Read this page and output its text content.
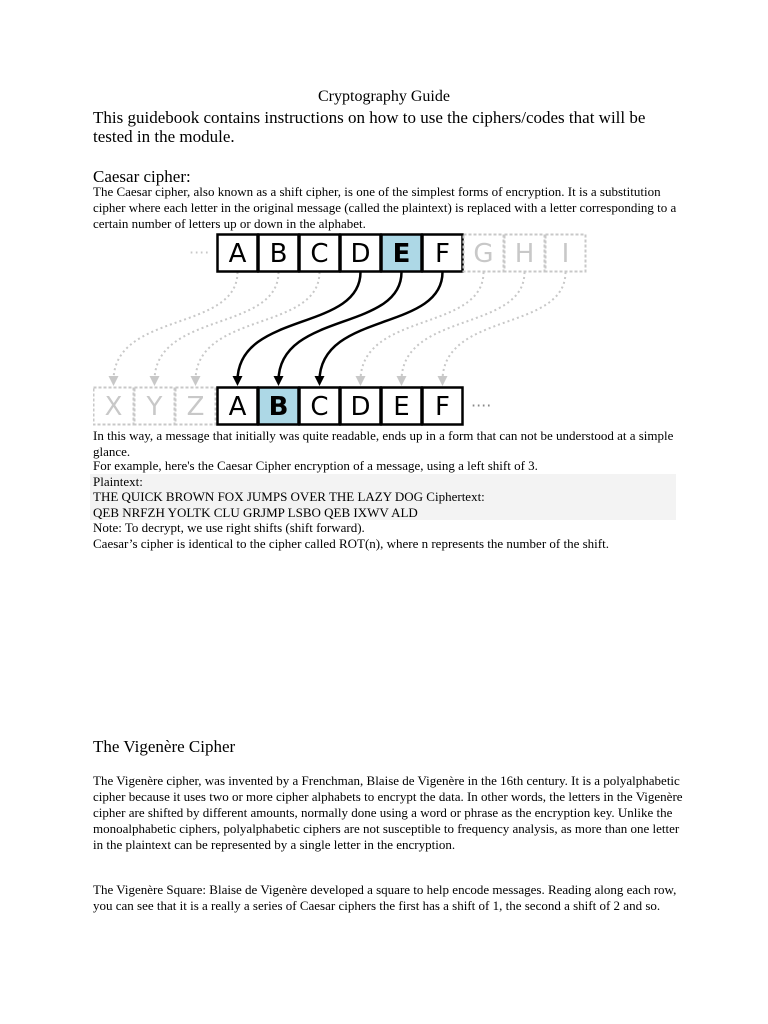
Cryptography Guide
This guidebook contains instructions on how to use the ciphers/codes that will be tested in the module.
Caesar cipher:
The Caesar cipher, also known as a shift cipher, is one of the simplest forms of encryption. It is a substitution cipher where each letter in the original message (called the plaintext) is replaced with a letter corresponding to a certain number of letters up or down in the alphabet.
···· A B C D E F G H I
X Y Z A B C D E F ····
In this way, a message that initially was quite readable, ends up in a form that can not be understood at a simple glance.
For example, here's the Caesar Cipher encryption of a message, using a left shift of 3.
Plaintext:
THE QUICK BROWN FOX JUMPS OVER THE LAZY DOG Ciphertext:
QEB NRFZH YOLTK CLU GRJMP LSBO QEB IXWV ALD
Note: To decrypt, we use right shifts (shift forward).
Caesar’s cipher is identical to the cipher called ROT(n), where n represents the number of the shift.
The Vigenère Cipher
The Vigenère cipher, was invented by a Frenchman, Blaise de Vigenère in the 16th century. It is a polyalphabetic cipher because it uses two or more cipher alphabets to encrypt the data. In other words, the letters in the Vigenère cipher are shifted by different amounts, normally done using a word or phrase as the encryption key. Unlike the monoalphabetic ciphers, polyalphabetic ciphers are not susceptible to frequency analysis, as more than one letter in the plaintext can be represented by a single letter in the encryption.
The Vigenère Square: Blaise de Vigenère developed a square to help encode messages. Reading along each row, you can see that it is a really a series of Caesar ciphers the first has a shift of 1, the second a shift of 2 and so.
